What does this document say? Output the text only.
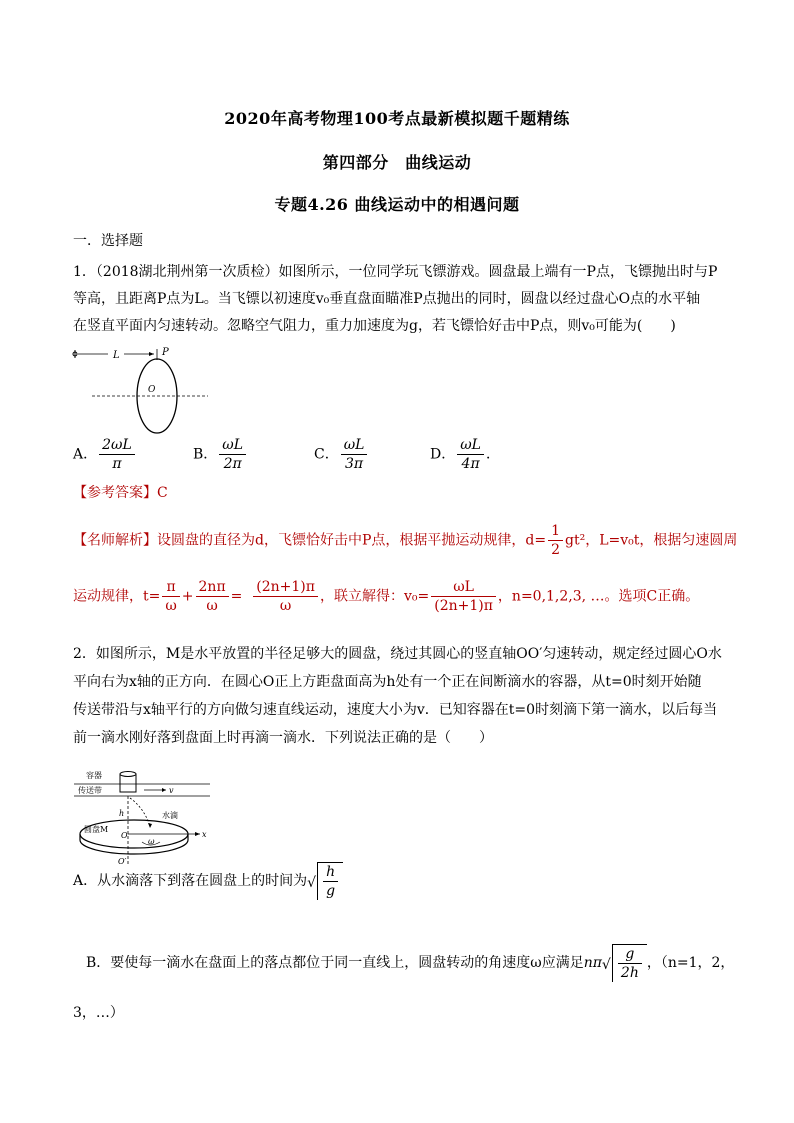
2020年高考物理100考点最新模拟题千题精练
第四部分　曲线运动
专题4.26 曲线运动中的相遇问题
一．选择题
1．（2018湖北荆州第一次质检）如图所示，一位同学玩飞镖游戏。圆盘最上端有一P点，飞镖抛出时与P
等高，且距离P点为L。当飞镖以初速度v₀垂直盘面瞄准P点抛出的同时，圆盘以经过盘心O点的水平轴
在竖直平面内匀速转动。忽略空气阻力，重力加速度为g，若飞镖恰好击中P点，则v₀可能为(　　)
L	P
O
A． $\frac{2\omega L}{\pi}$	B． $\frac{\omega L}{2\pi}$	C． $\frac{\omega L}{3\pi}$	D． $\frac{\omega L}{4\pi}$ ．
【参考答案】C
【名师解析】设圆盘的直径为d，飞镖恰好击中P点，根据平抛运动规律，$d= \frac{1}{2} gt^2$，L=v₀t，根据匀速圆周
运动规律，$t= \frac{\pi}{\omega} + \frac{2n\pi}{\omega} = \frac{(2n+1)\pi}{\omega}$ ，联立解得：$v_0= \frac{\omega L}{(2n+1)\pi}$ ，n=0,1,2,3, …。选项C正确。
2．如图所示，M是水平放置的半径足够大的圆盘，绕过其圆心的竖直轴OO′匀速转动，规定经过圆心O水
平向右为x轴的正方向．在圆心O正上方距盘面高为h处有一个正在间断滴水的容器，从t=0时刻开始随
传送带沿与x轴平行的方向做匀速直线运动，速度大小为v．已知容器在t=0时刻滴下第一滴水，以后每当
前一滴水刚好落到盘面上时再滴一滴水．下列说法正确的是（　　）
容器
传送带	v
h	水滴
圆盘M
x
O
ω
O′
A．从水滴落下到落在圆盘上的时间为 √ $\frac{h}{g}$
B．要使每一滴水在盘面上的落点都位于同一直线上，圆盘转动的角速度ω应满足nπ √ $\frac{g}{2h}$ ，（n=1，2，
3，…）
